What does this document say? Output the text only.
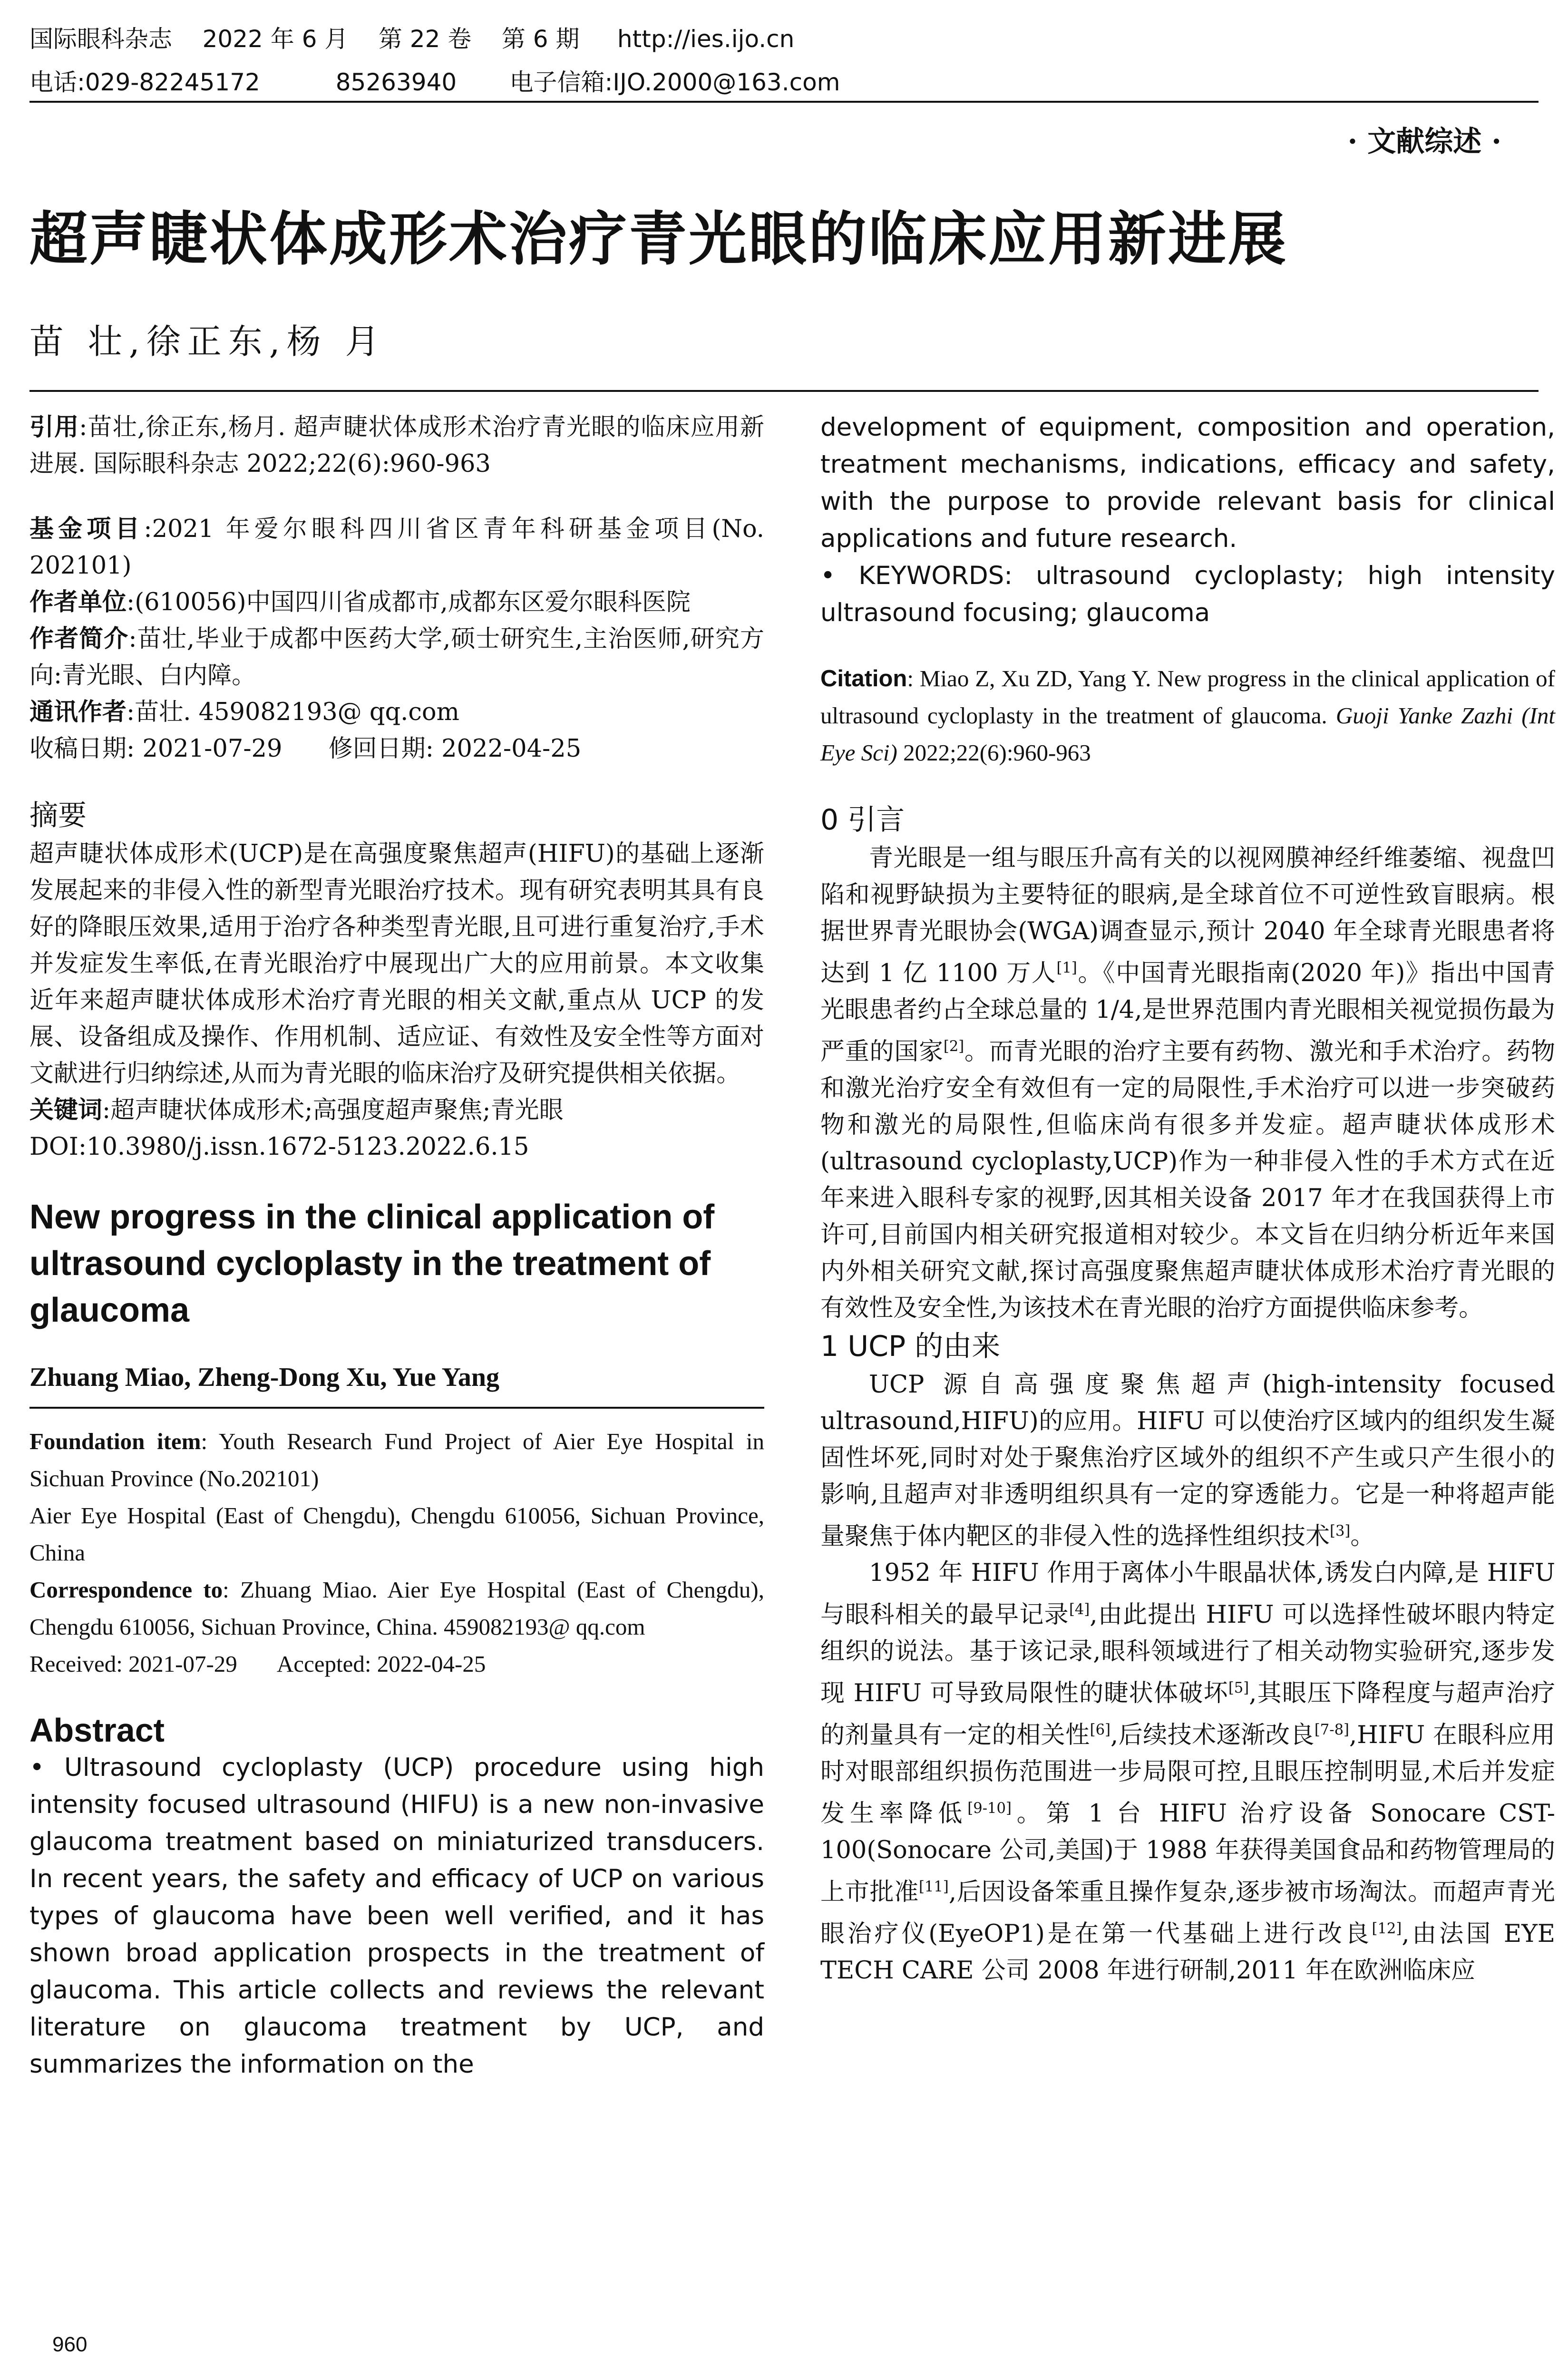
国际眼科杂志    2022 年 6 月    第 22 卷    第 6 期     http://ies.ijo.cn
电话:029-82245172          85263940       电子信箱:IJO.2000@163.com
· 文献综述 ·
超声睫状体成形术治疗青光眼的临床应用新进展
苗 壮,徐正东,杨 月

引用:苗壮,徐正东,杨月. 超声睫状体成形术治疗青光眼的临床应用新进展. 国际眼科杂志 2022;22(6):960-963

基金项目:2021 年爱尔眼科四川省区青年科研基金项目(No. 202101)

作者单位:(610056)中国四川省成都市,成都东区爱尔眼科医院

作者简介:苗壮,毕业于成都中医药大学,硕士研究生,主治医师,研究方向:青光眼、白内障。

通讯作者:苗壮. 459082193@ qq.com

收稿日期: 2021-07-29      修回日期: 2022-04-25

摘要

超声睫状体成形术(UCP)是在高强度聚焦超声(HIFU)的基础上逐渐发展起来的非侵入性的新型青光眼治疗技术。现有研究表明其具有良好的降眼压效果,适用于治疗各种类型青光眼,且可进行重复治疗,手术并发症发生率低,在青光眼治疗中展现出广大的应用前景。本文收集近年来超声睫状体成形术治疗青光眼的相关文献,重点从 UCP 的发展、设备组成及操作、作用机制、适应证、有效性及安全性等方面对文献进行归纳综述,从而为青光眼的临床治疗及研究提供相关依据。

关键词:超声睫状体成形术;高强度超声聚焦;青光眼

DOI:10.3980/j.issn.1672-5123.2022.6.15

New progress in the clinical application of ultrasound cycloplasty in the treatment of glaucoma

Zhuang Miao, Zheng-Dong Xu, Yue Yang

Foundation item: Youth Research Fund Project of Aier Eye Hospital in Sichuan Province (No.202101)

Aier Eye Hospital (East of Chengdu), Chengdu 610056, Sichuan Province, China

Correspondence to: Zhuang Miao. Aier Eye Hospital (East of Chengdu), Chengdu 610056, Sichuan Province, China. 459082193@ qq.com

Received: 2021-07-29       Accepted: 2022-04-25

Abstract

• Ultrasound cycloplasty (UCP) procedure using high intensity focused ultrasound (HIFU) is a new non-invasive glaucoma treatment based on miniaturized transducers. In recent years, the safety and efficacy of UCP on various types of glaucoma have been well verified, and it has shown broad application prospects in the treatment of glaucoma. This article collects and reviews the relevant literature on glaucoma treatment by UCP, and summarizes the information on the

development of equipment, composition and operation, treatment mechanisms, indications, efficacy and safety, with the purpose to provide relevant basis for clinical applications and future research.

• KEYWORDS: ultrasound cycloplasty; high intensity ultrasound focusing; glaucoma

Citation: Miao Z, Xu ZD, Yang Y. New progress in the clinical application of ultrasound cycloplasty in the treatment of glaucoma. Guoji Yanke Zazhi (Int Eye Sci) 2022;22(6):960-963

0 引言

青光眼是一组与眼压升高有关的以视网膜神经纤维萎缩、视盘凹陷和视野缺损为主要特征的眼病,是全球首位不可逆性致盲眼病。根据世界青光眼协会(WGA)调查显示,预计 2040 年全球青光眼患者将达到 1 亿 1100 万人[1]。《中国青光眼指南(2020 年)》指出中国青光眼患者约占全球总量的 1/4,是世界范围内青光眼相关视觉损伤最为严重的国家[2]。而青光眼的治疗主要有药物、激光和手术治疗。药物和激光治疗安全有效但有一定的局限性,手术治疗可以进一步突破药物和激光的局限性,但临床尚有很多并发症。超声睫状体成形术(ultrasound cycloplasty,UCP)作为一种非侵入性的手术方式在近年来进入眼科专家的视野,因其相关设备 2017 年才在我国获得上市许可,目前国内相关研究报道相对较少。本文旨在归纳分析近年来国内外相关研究文献,探讨高强度聚焦超声睫状体成形术治疗青光眼的有效性及安全性,为该技术在青光眼的治疗方面提供临床参考。

1 UCP 的由来

UCP 源自高强度聚焦超声(high-intensity focused ultrasound,HIFU)的应用。HIFU 可以使治疗区域内的组织发生凝固性坏死,同时对处于聚焦治疗区域外的组织不产生或只产生很小的影响,且超声对非透明组织具有一定的穿透能力。它是一种将超声能量聚焦于体内靶区的非侵入性的选择性组织技术[3]。

1952 年 HIFU 作用于离体小牛眼晶状体,诱发白内障,是 HIFU 与眼科相关的最早记录[4],由此提出 HIFU 可以选择性破坏眼内特定组织的说法。基于该记录,眼科领域进行了相关动物实验研究,逐步发现 HIFU 可导致局限性的睫状体破坏[5],其眼压下降程度与超声治疗的剂量具有一定的相关性[6],后续技术逐渐改良[7-8],HIFU 在眼科应用时对眼部组织损伤范围进一步局限可控,且眼压控制明显,术后并发症发生率降低[9-10]。第 1 台 HIFU 治疗设备 Sonocare CST-100(Sonocare 公司,美国)于 1988 年获得美国食品和药物管理局的上市批准[11],后因设备笨重且操作复杂,逐步被市场淘汰。而超声青光眼治疗仪(EyeOP1)是在第一代基础上进行改良[12],由法国 EYE TECH CARE 公司 2008 年进行研制,2011 年在欧洲临床应

960
